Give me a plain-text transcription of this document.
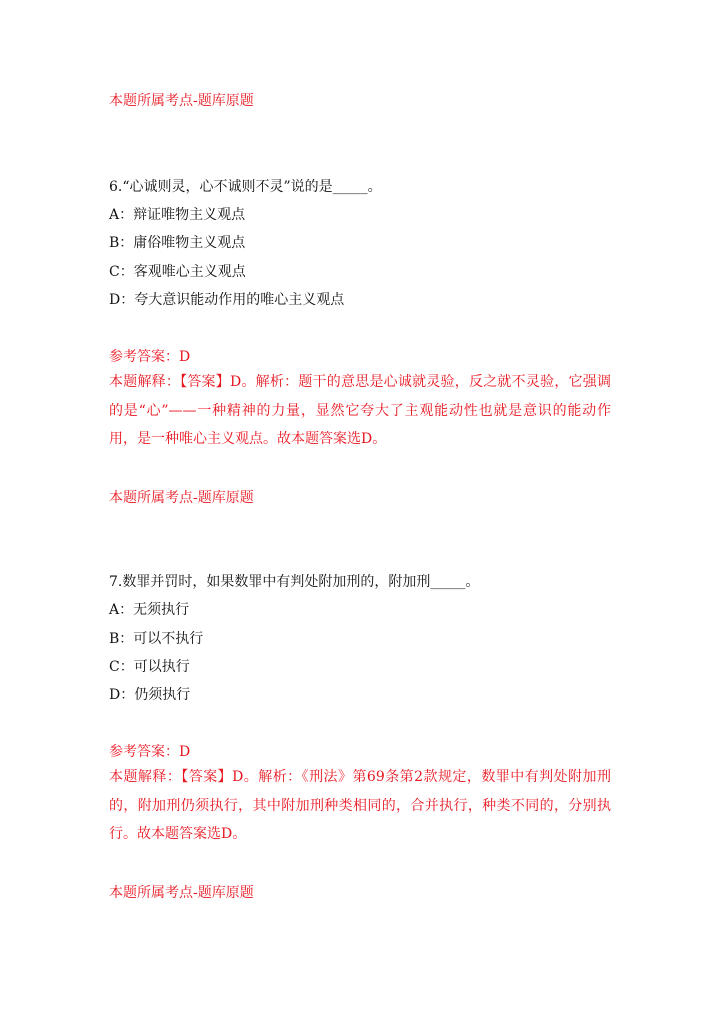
本题所属考点-题库原题
6.“心诚则灵，心不诚则不灵”说的是_____。
A：辩证唯物主义观点
B：庸俗唯物主义观点
C：客观唯心主义观点
D：夸大意识能动作用的唯心主义观点
参考答案：D
本题解释：【答案】D。解析：题干的意思是心诚就灵验，反之就不灵验，它强调的是“心”——一种精神的力量，显然它夸大了主观能动性也就是意识的能动作用，是一种唯心主义观点。故本题答案选D。
本题所属考点-题库原题
7.数罪并罚时，如果数罪中有判处附加刑的，附加刑_____。
A：无须执行
B：可以不执行
C：可以执行
D：仍须执行
参考答案：D
本题解释：【答案】D。解析：《刑法》第69条第2款规定，数罪中有判处附加刑的，附加刑仍须执行，其中附加刑种类相同的，合并执行，种类不同的，分别执行。故本题答案选D。
本题所属考点-题库原题
